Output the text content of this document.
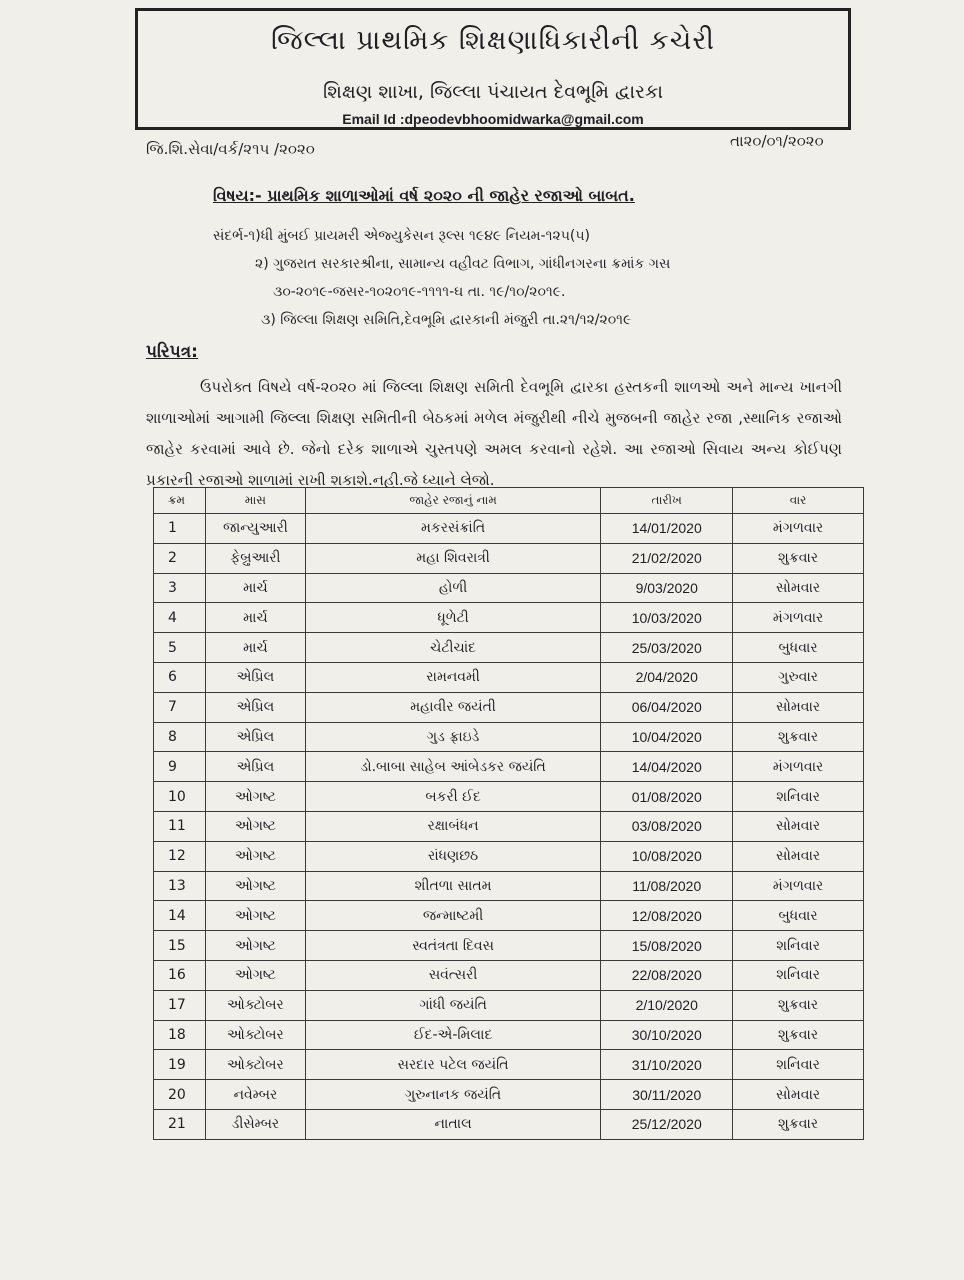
જિલ્લા પ્રાથમિક શિક્ષણાધિકારીની કચેરી
શિક્ષણ શાખા, જિલ્લા પંચાયત દેવભૂમિ દ્વારકા
Email Id :dpeodevbhoomidwarka@gmail.com
જિ.શિ.સેવા/વર્ક/૨૧૫ /૨૦૨૦	તા૨૦/૦૧/૨૦૨૦
વિષય:- પ્રાથમિક શાળાઓમાં વર્ષ ૨૦૨૦ ની જાહેર રજાઓ બાબત.
સંદર્ભ-૧)ધી મુંબઈ પ્રાયમરી એજ્યુકેસન રૂલ્સ ૧૯૪૯ નિયમ-૧૨૫(૫)
૨) ગુજરાત સરકારશ્રીના, સામાન્ય વહીવટ વિભાગ, ગાંધીનગરના ક્રમાંક ગસ
૩૦-૨૦૧૯-જસર-૧૦૨૦૧૯-૧૧૧૧-ઘ તા. ૧૯/૧૦/૨૦૧૯.
૩) જિલ્લા શિક્ષણ સમિતિ,દેવભૂમિ દ્વારકાની મંજુરી તા.૨૧/૧૨/૨૦૧૯
પરિપત્ર:
ઉપરોક્ત વિષયે વર્ષ-૨૦૨૦ માં જિલ્લા શિક્ષણ સમિતી દેવભૂમિ દ્વારકા હસ્તકની શાળઓ અને માન્ય ખાનગી શાળાઓમાં આગામી જિલ્લા શિક્ષણ સમિતીની બેઠકમાં મળેલ મંજુરીથી નીચે મુજબની જાહેર રજા ,સ્થાનિક રજાઓ જાહેર કરવામાં આવે છે. જેનો દરેક શાળાએ ચુસ્તપણે અમલ કરવાનો રહેશે. આ રજાઓ સિવાય અન્ય કોઈપણ પ્રકારની રજાઓ શાળામાં રાખી શકાશે.નહી.જે ધ્યાને લેજો.
ક્રમ	માસ	જાહેર રજાનું નામ	તારીખ	વાર
1	જાન્યુઆરી	મકરસંક્રાંતિ	14/01/2020	મંગળવાર
2	ફેબ્રુઆરી	મહા શિવરાત્રી	21/02/2020	શુક્રવાર
3	માર્ચ	હોળી	9/03/2020	સોમવાર
4	માર્ચ	ધૂળેટી	10/03/2020	મંગળવાર
5	માર્ચ	ચેટીચાંદ	25/03/2020	બુધવાર
6	એપ્રિલ	રામનવમી	2/04/2020	ગુરુવાર
7	એપ્રિલ	મહાવીર જયંતી	06/04/2020	સોમવાર
8	એપ્રિલ	ગુડ ફ્રાઇડે	10/04/2020	શુક્રવાર
9	એપ્રિલ	ડો.બાબા સાહેબ આંબેડકર જયંતિ	14/04/2020	મંગળવાર
10	ઓગષ્ટ	બકરી ઈદ	01/08/2020	શનિવાર
11	ઓગષ્ટ	રક્ષાબંધન	03/08/2020	સોમવાર
12	ઓગષ્ટ	રાંધણછઠ	10/08/2020	સોમવાર
13	ઓગષ્ટ	શીતળા સાતમ	11/08/2020	મંગળવાર
14	ઓગષ્ટ	જન્માષ્ટમી	12/08/2020	બુધવાર
15	ઓગષ્ટ	સ્વતંત્રતા દિવસ	15/08/2020	શનિવાર
16	ઓગષ્ટ	સવંત્સરી	22/08/2020	શનિવાર
17	ઓક્ટોબર	ગાંધી જયંતિ	2/10/2020	શુક્રવાર
18	ઓક્ટોબર	ઈદ-એ-મિલાદ	30/10/2020	શુક્રવાર
19	ઓક્ટોબર	સરદાર પટેલ જયંતિ	31/10/2020	શનિવાર
20	નવેમ્બર	ગુરુનાનક જયંતિ	30/11/2020	સોમવાર
21	ડીસેમ્બર	નાતાલ	25/12/2020	શુક્રવાર
